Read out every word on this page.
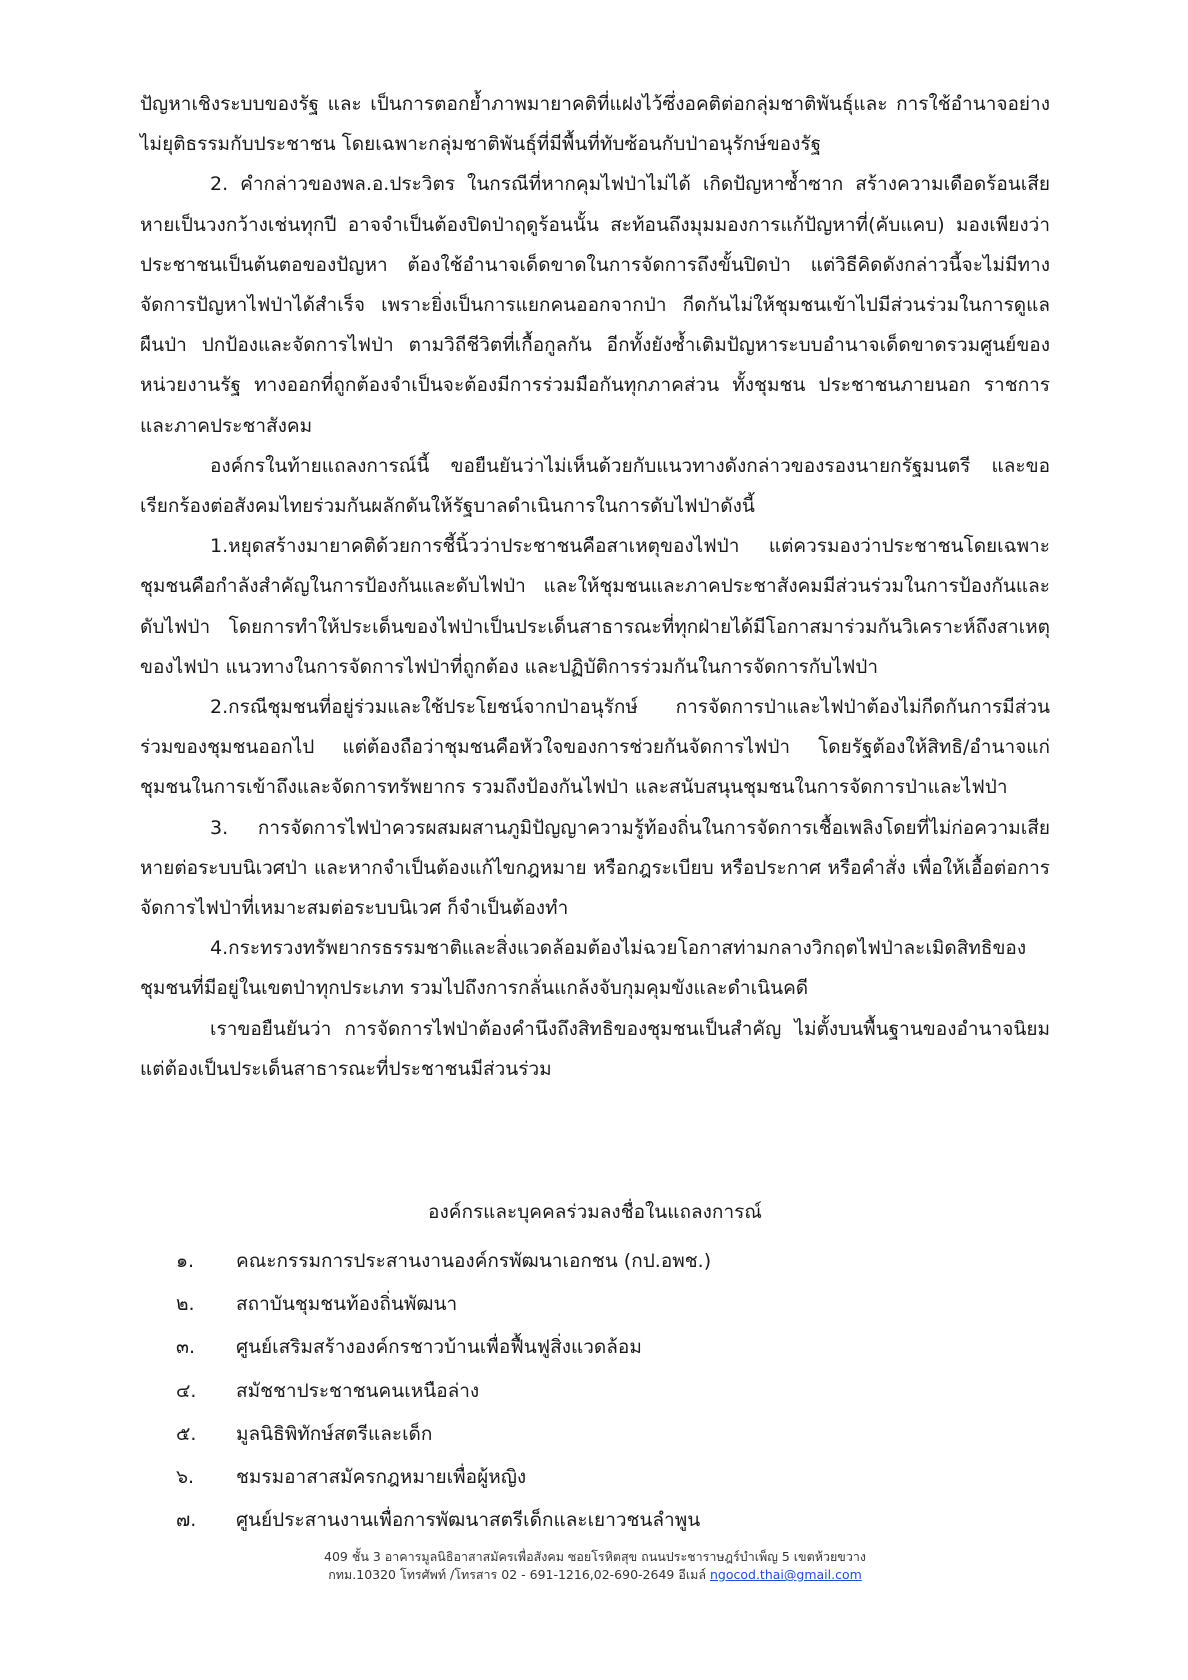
ปัญหาเชิงระบบของรัฐ และ เป็นการตอกย้ำภาพมายาคติที่แฝงไว้ซึ่งอคติต่อกลุ่มชาติพันธุ์และ การใช้อำนาจอย่างไม่ยุติธรรมกับประชาชน โดยเฉพาะกลุ่มชาติพันธุ์ที่มีพื้นที่ทับซ้อนกับป่าอนุรักษ์ของรัฐ

2. คำกล่าวของพล.อ.ประวิตร ในกรณีที่หากคุมไฟป่าไม่ได้ เกิดปัญหาซ้ำซาก สร้างความเดือดร้อนเสียหายเป็นวงกว้างเช่นทุกปี อาจจำเป็นต้องปิดป่าฤดูร้อนนั้น สะท้อนถึงมุมมองการแก้ปัญหาที่(คับแคบ) มองเพียงว่าประชาชนเป็นต้นตอของปัญหา ต้องใช้อำนาจเด็ดขาดในการจัดการถึงขั้นปิดป่า แต่วิธีคิดดังกล่าวนี้จะไม่มีทางจัดการปัญหาไฟป่าได้สำเร็จ เพราะยิ่งเป็นการแยกคนออกจากป่า กีดกันไม่ให้ชุมชนเข้าไปมีส่วนร่วมในการดูแลผืนป่า ปกป้องและจัดการไฟป่า ตามวิถีชีวิตที่เกื้อกูลกัน อีกทั้งยังซ้ำเติมปัญหาระบบอำนาจเด็ดขาดรวมศูนย์ของหน่วยงานรัฐ ทางออกที่ถูกต้องจำเป็นจะต้องมีการร่วมมือกันทุกภาคส่วน ทั้งชุมชน ประชาชนภายนอก ราชการ และภาคประชาสังคม

องค์กรในท้ายแถลงการณ์นี้ ขอยืนยันว่าไม่เห็นด้วยกับแนวทางดังกล่าวของรองนายกรัฐมนตรี และขอเรียกร้องต่อสังคมไทยร่วมกันผลักดันให้รัฐบาลดำเนินการในการดับไฟป่าดังนี้

1.หยุดสร้างมายาคติด้วยการชี้นิ้วว่าประชาชนคือสาเหตุของไฟป่า แต่ควรมองว่าประชาชนโดยเฉพาะชุมชนคือกำลังสำคัญในการป้องกันและดับไฟป่า และให้ชุมชนและภาคประชาสังคมมีส่วนร่วมในการป้องกันและดับไฟป่า โดยการทำให้ประเด็นของไฟป่าเป็นประเด็นสาธารณะที่ทุกฝ่ายได้มีโอกาสมาร่วมกันวิเคราะห์ถึงสาเหตุของไฟป่า แนวทางในการจัดการไฟป่าที่ถูกต้อง และปฏิบัติการร่วมกันในการจัดการกับไฟป่า

2.กรณีชุมชนที่อยู่ร่วมและใช้ประโยชน์จากป่าอนุรักษ์ การจัดการป่าและไฟป่าต้องไม่กีดกันการมีส่วนร่วมของชุมชนออกไป แต่ต้องถือว่าชุมชนคือหัวใจของการช่วยกันจัดการไฟป่า โดยรัฐต้องให้สิทธิ/อำนาจแก่ชุมชนในการเข้าถึงและจัดการทรัพยากร รวมถึงป้องกันไฟป่า และสนับสนุนชุมชนในการจัดการป่าและไฟป่า

3. การจัดการไฟป่าควรผสมผสานภูมิปัญญาความรู้ท้องถิ่นในการจัดการเชื้อเพลิงโดยที่ไม่ก่อความเสียหายต่อระบบนิเวศป่า และหากจำเป็นต้องแก้ไขกฎหมาย หรือกฎระเบียบ หรือประกาศ หรือคำสั่ง เพื่อให้เอื้อต่อการจัดการไฟป่าที่เหมาะสมต่อระบบนิเวศ ก็จำเป็นต้องทำ

4.กระทรวงทรัพยากรธรรมชาติและสิ่งแวดล้อมต้องไม่ฉวยโอกาสท่ามกลางวิกฤตไฟป่าละเมิดสิทธิของชุมชนที่มีอยู่ในเขตป่าทุกประเภท รวมไปถึงการกลั่นแกล้งจับกุมคุมขังและดำเนินคดี

เราขอยืนยันว่า การจัดการไฟป่าต้องคำนึงถึงสิทธิของชุมชนเป็นสำคัญ ไม่ตั้งบนพื้นฐานของอำนาจนิยม แต่ต้องเป็นประเด็นสาธารณะที่ประชาชนมีส่วนร่วม

องค์กรและบุคคลร่วมลงชื่อในแถลงการณ์
๑. คณะกรรมการประสานงานองค์กรพัฒนาเอกชน (กป.อพช.)
๒. สถาบันชุมชนท้องถิ่นพัฒนา
๓. ศูนย์เสริมสร้างองค์กรชาวบ้านเพื่อฟื้นฟูสิ่งแวดล้อม
๔. สมัชชาประชาชนคนเหนือล่าง
๕. มูลนิธิพิทักษ์สตรีและเด็ก
๖. ชมรมอาสาสมัครกฎหมายเพื่อผู้หญิง
๗. ศูนย์ประสานงานเพื่อการพัฒนาสตรีเด็กและเยาวชนลำพูน
409 ชั้น 3 อาคารมูลนิธิอาสาสมัครเพื่อสังคม ซอยโรหิตสุข ถนนประชาราษฎร์บำเพ็ญ 5 เขตห้วยขวาง
กทม.10320 โทรศัพท์ /โทรสาร 02 - 691-1216,02-690-2649 อีเมล์ ngocod.thai@gmail.com
